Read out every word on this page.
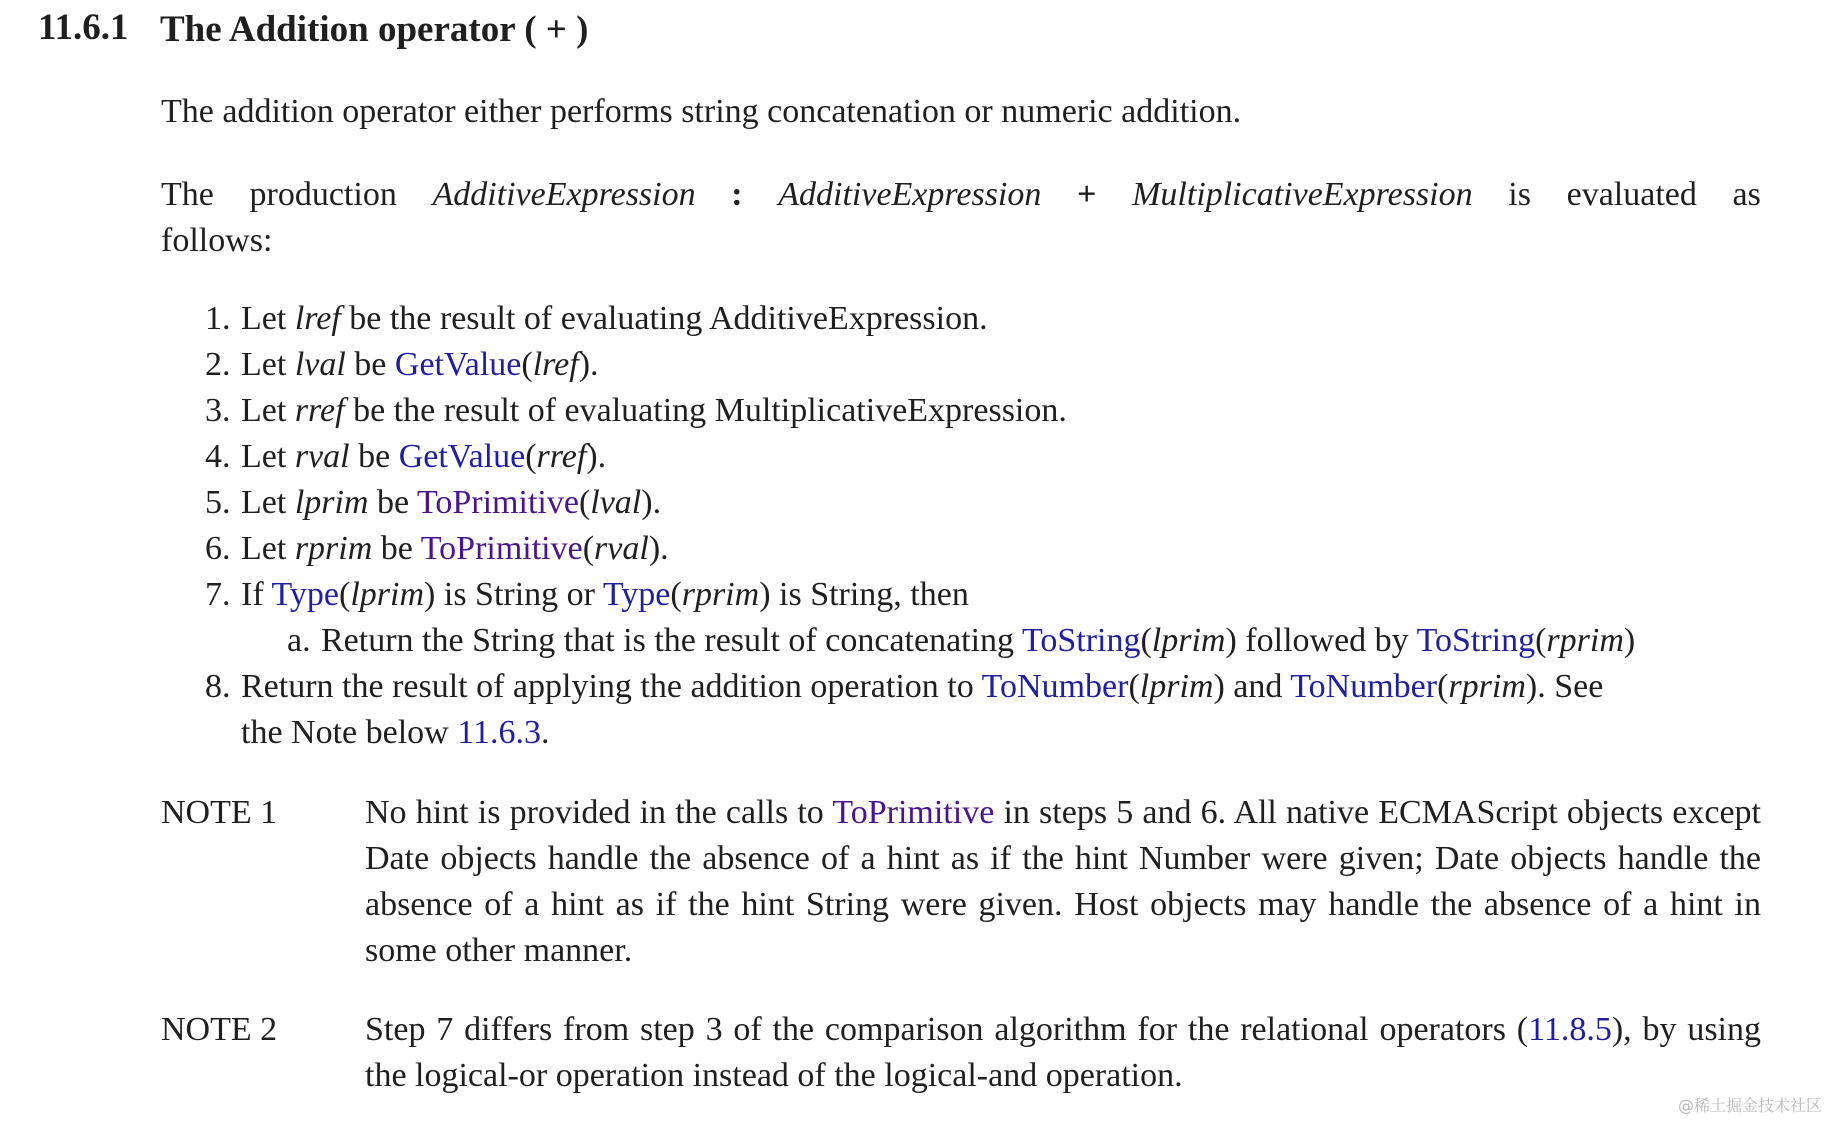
11.6.1 The Addition operator ( + )
The addition operator either performs string concatenation or numeric addition.
The production AdditiveExpression : AdditiveExpression + MultiplicativeExpression is evaluated as
follows:
1. Let lref be the result of evaluating AdditiveExpression.
2. Let lval be GetValue(lref).
3. Let rref be the result of evaluating MultiplicativeExpression.
4. Let rval be GetValue(rref).
5. Let lprim be ToPrimitive(lval).
6. Let rprim be ToPrimitive(rval).
7. If Type(lprim) is String or Type(rprim) is String, then
a. Return the String that is the result of concatenating ToString(lprim) followed by ToString(rprim)
8. Return the result of applying the addition operation to ToNumber(lprim) and ToNumber(rprim). See
the Note below 11.6.3.
NOTE 1	No hint is provided in the calls to ToPrimitive in steps 5 and 6. All native ECMAScript objects except Date objects handle the absence of a hint as if the hint Number were given; Date objects handle the absence of a hint as if the hint String were given. Host objects may handle the absence of a hint in some other manner.
NOTE 2	Step 7 differs from step 3 of the comparison algorithm for the relational operators (11.8.5), by using the logical-or operation instead of the logical-and operation.
@稀土掘金技术社区
